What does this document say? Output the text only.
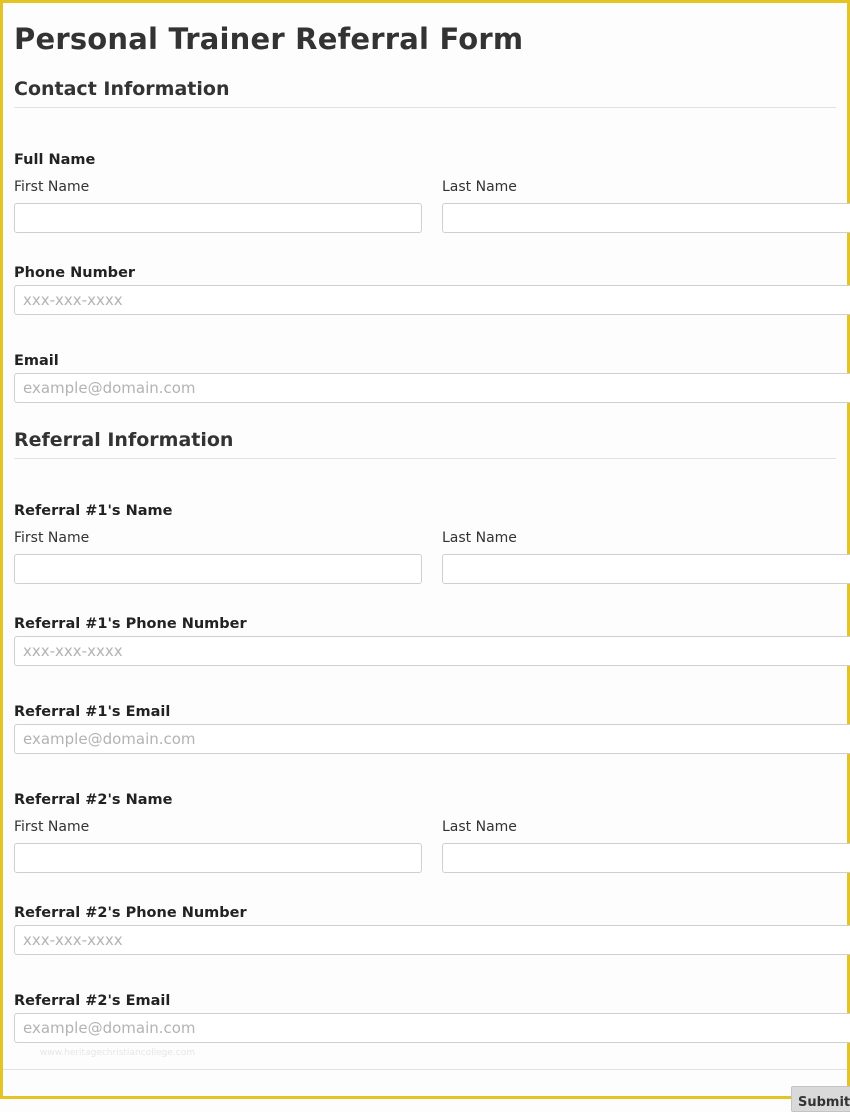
Personal Trainer Referral Form
Contact Information
Full Name
First Name	Last Name
Phone Number
xxx-xxx-xxxx
Email
example@domain.com
Referral Information
Referral #1's Name
First Name	Last Name
Referral #1's Phone Number
xxx-xxx-xxxx
Referral #1's Email
example@domain.com
Referral #2's Name
First Name	Last Name
Referral #2's Phone Number
xxx-xxx-xxxx
Referral #2's Email
example@domain.com
www.heritagechristiancollege.com
Submit
